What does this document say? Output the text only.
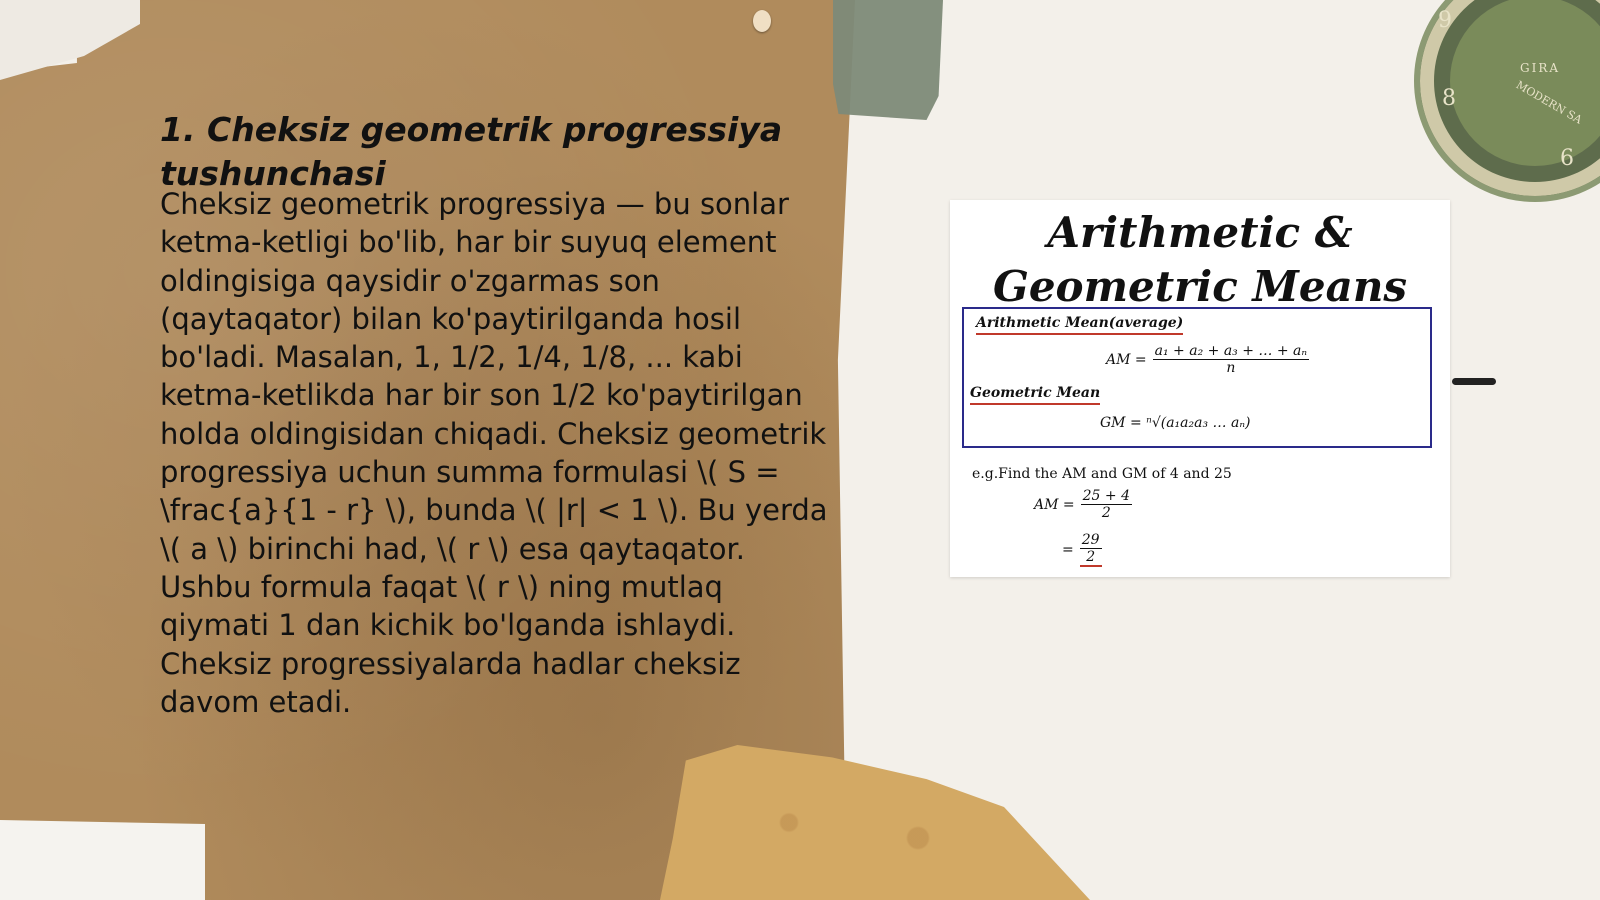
9
8
6
GIRA
MODERN SA
1. Cheksiz geometrik progressiya tushunchasi

Cheksiz geometrik progressiya — bu sonlar ketma-ketligi bo'lib, har bir suyuq element oldingisiga qaysidir o'zgarmas son (qaytaqator) bilan ko'paytirilganda hosil bo'ladi. Masalan, 1, 1/2, 1/4, 1/8, ... kabi ketma-ketlikda har bir son 1/2 ko'paytirilgan holda oldingisidan chiqadi. Cheksiz geometrik progressiya uchun summa formulasi \( S = \frac{a}{1 - r} \), bunda \( |r| < 1 \). Bu yerda \( a \) birinchi had, \( r \) esa qaytaqator. Ushbu formula faqat \( r \) ning mutlaq qiymati 1 dan kichik bo'lganda ishlaydi. Cheksiz progressiyalarda hadlar cheksiz davom etadi.

Arithmetic & Geometric Means
Arithmetic Mean(average)
AM = $\frac{\text{a₁ + a₂ + a₃ + … + aₙ}}{n}$
Geometric Mean
GM = ⁿ√(a₁a₂a₃ … aₙ)
e.g.Find the AM and GM of 4 and 25
AM = $\frac{25 + 4}{2}$
= $\frac{29}{2}$
